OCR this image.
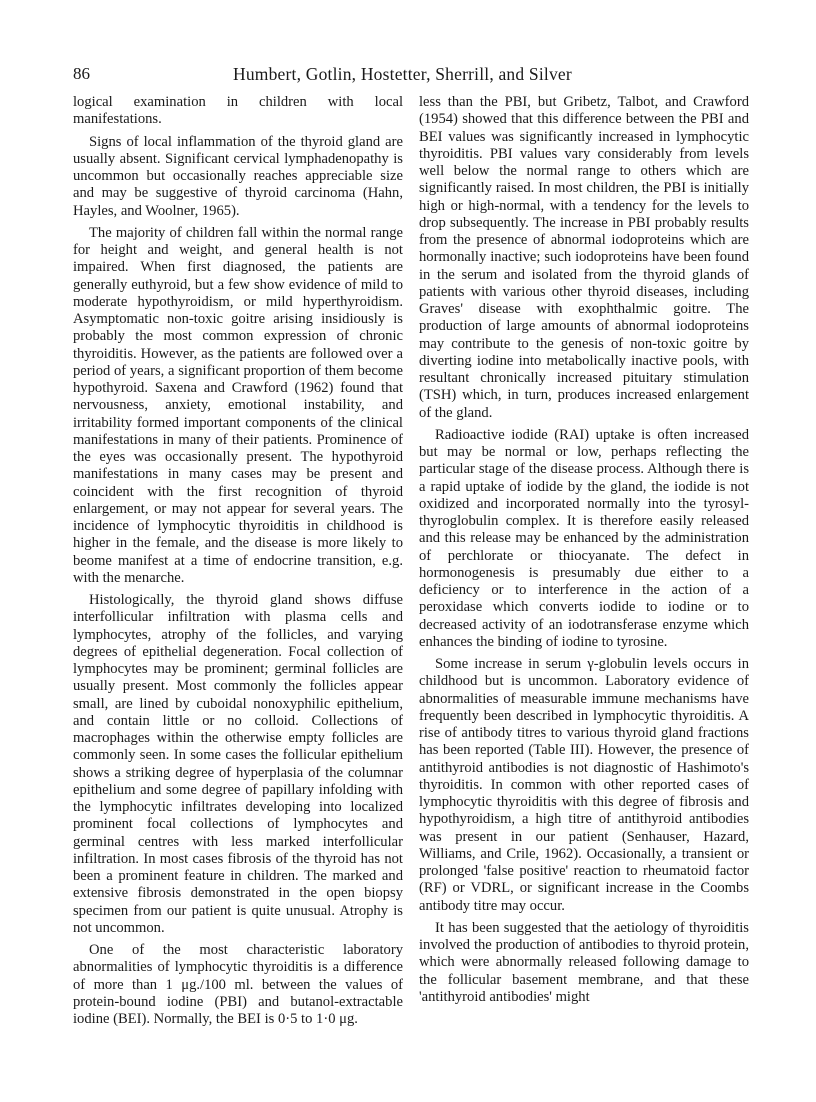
86	Humbert, Gotlin, Hostetter, Sherrill, and Silver

logical examination in children with local manifestations.

Signs of local inflammation of the thyroid gland are usually absent. Significant cervical lymphadenopathy is uncommon but occasionally reaches appreciable size and may be suggestive of thyroid carcinoma (Hahn, Hayles, and Woolner, 1965).

The majority of children fall within the normal range for height and weight, and general health is not impaired. When first diagnosed, the patients are generally euthyroid, but a few show evidence of mild to moderate hypothyroidism, or mild hyperthyroidism. Asymptomatic non-toxic goitre arising insidiously is probably the most common expression of chronic thyroiditis. However, as the patients are followed over a period of years, a significant proportion of them become hypothyroid. Saxena and Crawford (1962) found that nervousness, anxiety, emotional instability, and irritability formed important components of the clinical manifestations in many of their patients. Prominence of the eyes was occasionally present. The hypothyroid manifestations in many cases may be present and coincident with the first recognition of thyroid enlargement, or may not appear for several years. The incidence of lymphocytic thyroiditis in childhood is higher in the female, and the disease is more likely to beome manifest at a time of endocrine transition, e.g. with the menarche.

Histologically, the thyroid gland shows diffuse interfollicular infiltration with plasma cells and lymphocytes, atrophy of the follicles, and varying degrees of epithelial degeneration. Focal collection of lymphocytes may be prominent; germinal follicles are usually present. Most commonly the follicles appear small, are lined by cuboidal nonoxyphilic epithelium, and contain little or no colloid. Collections of macrophages within the otherwise empty follicles are commonly seen. In some cases the follicular epithelium shows a striking degree of hyperplasia of the columnar epithelium and some degree of papillary infolding with the lymphocytic infiltrates developing into localized prominent focal collections of lymphocytes and germinal centres with less marked interfollicular infiltration. In most cases fibrosis of the thyroid has not been a prominent feature in children. The marked and extensive fibrosis demonstrated in the open biopsy specimen from our patient is quite unusual. Atrophy is not uncommon.

One of the most characteristic laboratory abnormalities of lymphocytic thyroiditis is a difference of more than 1 μg./100 ml. between the values of protein-bound iodine (PBI) and butanol-extractable iodine (BEI). Normally, the BEI is 0·5 to 1·0 μg.

less than the PBI, but Gribetz, Talbot, and Crawford (1954) showed that this difference between the PBI and BEI values was significantly increased in lymphocytic thyroiditis. PBI values vary considerably from levels well below the normal range to others which are significantly raised. In most children, the PBI is initially high or high-normal, with a tendency for the levels to drop subsequently. The increase in PBI probably results from the presence of abnormal iodoproteins which are hormonally inactive; such iodoproteins have been found in the serum and isolated from the thyroid glands of patients with various other thyroid diseases, including Graves' disease with exophthalmic goitre. The production of large amounts of abnormal iodoproteins may contribute to the genesis of non-toxic goitre by diverting iodine into metabolically inactive pools, with resultant chronically increased pituitary stimulation (TSH) which, in turn, produces increased enlargement of the gland.

Radioactive iodide (RAI) uptake is often increased but may be normal or low, perhaps reflecting the particular stage of the disease process. Although there is a rapid uptake of iodide by the gland, the iodide is not oxidized and incorporated normally into the tyrosyl-thyroglobulin complex. It is therefore easily released and this release may be enhanced by the administration of perchlorate or thiocyanate. The defect in hormonogenesis is presumably due either to a deficiency or to interference in the action of a peroxidase which converts iodide to iodine or to decreased activity of an iodotransferase enzyme which enhances the binding of iodine to tyrosine.

Some increase in serum γ-globulin levels occurs in childhood but is uncommon. Laboratory evidence of abnormalities of measurable immune mechanisms have frequently been described in lymphocytic thyroiditis. A rise of antibody titres to various thyroid gland fractions has been reported (Table III). However, the presence of antithyroid antibodies is not diagnostic of Hashimoto's thyroiditis. In common with other reported cases of lymphocytic thyroiditis with this degree of fibrosis and hypothyroidism, a high titre of antithyroid antibodies was present in our patient (Senhauser, Hazard, Williams, and Crile, 1962). Occasionally, a transient or prolonged 'false positive' reaction to rheumatoid factor (RF) or VDRL, or significant increase in the Coombs antibody titre may occur.

It has been suggested that the aetiology of thyroiditis involved the production of antibodies to thyroid protein, which were abnormally released following damage to the follicular basement membrane, and that these 'antithyroid antibodies' might
